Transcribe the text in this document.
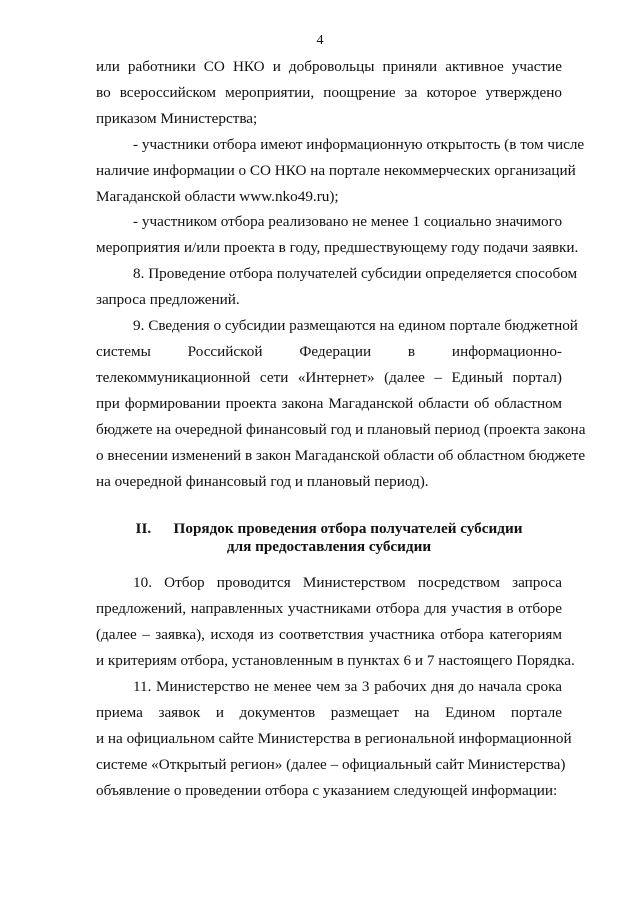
4
или работники СО НКО и добровольцы приняли активное участие
во всероссийском мероприятии, поощрение за которое утверждено
приказом Министерства;
- участники отбора имеют информационную открытость (в том числе
наличие информации о СО НКО на портале некоммерческих организаций
Магаданской области www.nko49.ru);
- участником отбора реализовано не менее 1 социально значимого
мероприятия и/или проекта в году, предшествующему году подачи заявки.
8. Проведение отбора получателей субсидии определяется способом
запроса предложений.
9. Сведения о субсидии размещаются на едином портале бюджетной
системы Российской Федерации в информационно-
телекоммуникационной сети «Интернет» (далее – Единый портал)
при формировании проекта закона Магаданской области об областном
бюджете на очередной финансовый год и плановый период (проекта закона
о внесении изменений в закон Магаданской области об областном бюджете
на очередной финансовый год и плановый период).
II. Порядок проведения отбора получателей субсидии
для предоставления субсидии
10. Отбор проводится Министерством посредством запроса
предложений, направленных участниками отбора для участия в отборе
(далее – заявка), исходя из соответствия участника отбора категориям
и критериям отбора, установленным в пунктах 6 и 7 настоящего Порядка.
11. Министерство не менее чем за 3 рабочих дня до начала срока
приема заявок и документов размещает на Едином портале
и на официальном сайте Министерства в региональной информационной
системе «Открытый регион» (далее – официальный сайт Министерства)
объявление о проведении отбора с указанием следующей информации:
